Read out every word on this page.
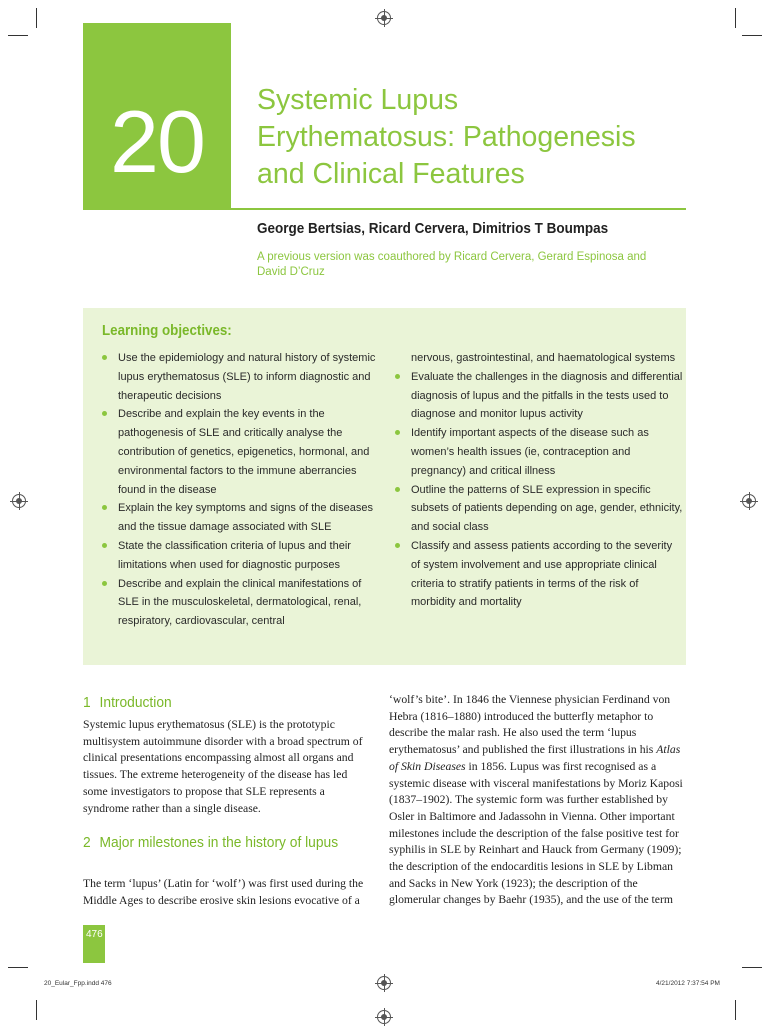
20	Systemic Lupus
Erythematosus: Pathogenesis
and Clinical Features
George Bertsias, Ricard Cervera, Dimitrios T Boumpas
A previous version was coauthored by Ricard Cervera, Gerard Espinosa and David D’Cruz
Learning objectives:
Use the epidemiology and natural history of systemic lupus erythematosus (SLE) to inform diagnostic and therapeutic decisions
Describe and explain the key events in the pathogenesis of SLE and critically analyse the contribution of genetics, epigenetics, hormonal, and environmental factors to the immune aberrancies found in the disease
Explain the key symptoms and signs of the diseases and the tissue damage associated with SLE
State the classification criteria of lupus and their limitations when used for diagnostic purposes
Describe and explain the clinical manifestations of SLE in the musculoskeletal, dermatological, renal, respiratory, cardiovascular, central
nervous, gastrointestinal, and haematological systems
Evaluate the challenges in the diagnosis and differential diagnosis of lupus and the pitfalls in the tests used to diagnose and monitor lupus activity
Identify important aspects of the disease such as women’s health issues (ie, contraception and pregnancy) and critical illness
Outline the patterns of SLE expression in specific subsets of patients depending on age, gender, ethnicity, and social class
Classify and assess patients according to the severity of system involvement and use appropriate clinical criteria to stratify patients in terms of the risk of morbidity and mortality
1 Introduction

Systemic lupus erythematosus (SLE) is the prototypic multisystem autoimmune disorder with a broad spectrum of clinical presentations encompassing almost all organs and tissues. The extreme heterogeneity of the disease has led some investigators to propose that SLE represents a syndrome rather than a single disease.

2 Major milestones in the history of lupus

The term ‘lupus’ (Latin for ‘wolf’) was first used during the Middle Ages to describe erosive skin lesions evocative of a

‘wolf’s bite’. In 1846 the Viennese physician Ferdinand von Hebra (1816–1880) introduced the butterfly metaphor to describe the malar rash. He also used the term ‘lupus erythematosus’ and published the first illustrations in his Atlas of Skin Diseases in 1856. Lupus was first recognised as a systemic disease with visceral manifestations by Moriz Kaposi (1837–1902). The systemic form was further established by Osler in Baltimore and Jadassohn in Vienna. Other important milestones include the description of the false positive test for syphilis in SLE by Reinhart and Hauck from Germany (1909); the description of the endocarditis lesions in SLE by Libman and Sacks in New York (1923); the description of the glomerular changes by Baehr (1935), and the use of the term

476
20_Eular_Fpp.indd 476	4/21/2012 7:37:54 PM
